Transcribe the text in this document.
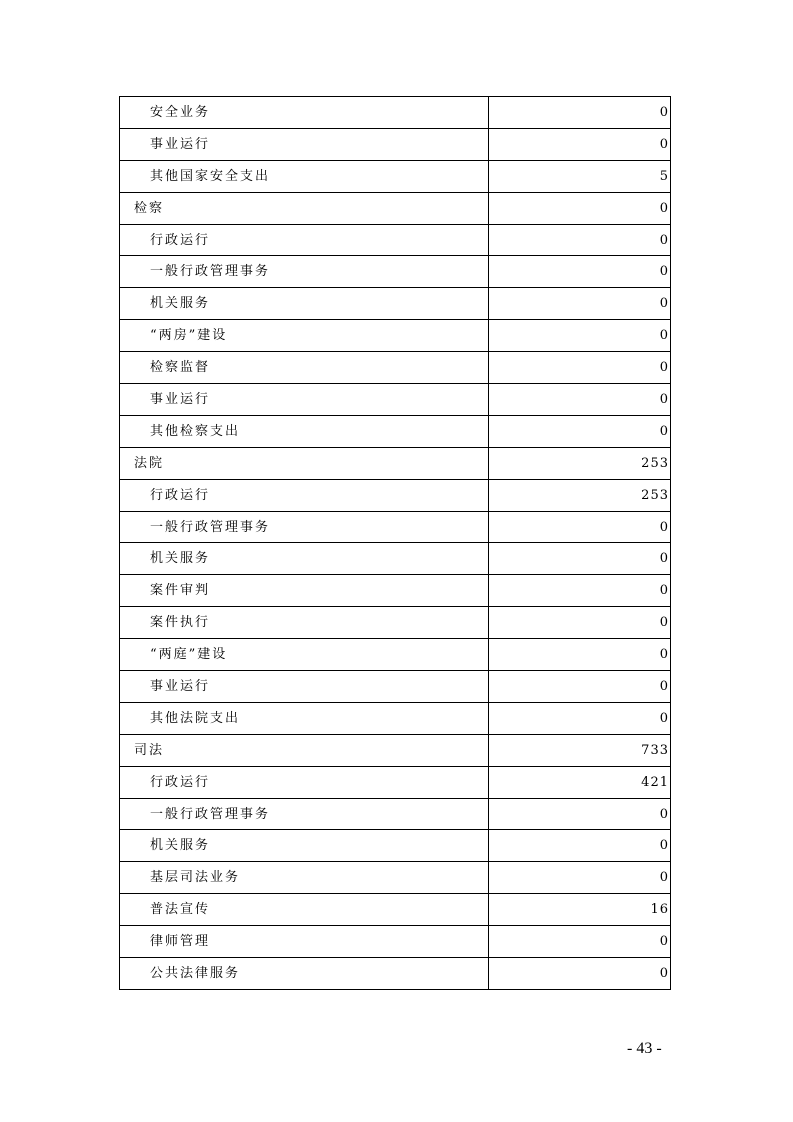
安全业务	0
事业运行	0
其他国家安全支出	5
检察	0
行政运行	0
一般行政管理事务	0
机关服务	0
“两房”建设	0
检察监督	0
事业运行	0
其他检察支出	0
法院	253
行政运行	253
一般行政管理事务	0
机关服务	0
案件审判	0
案件执行	0
“两庭”建设	0
事业运行	0
其他法院支出	0
司法	733
行政运行	421
一般行政管理事务	0
机关服务	0
基层司法业务	0
普法宣传	16
律师管理	0
公共法律服务	0
- 43 -
